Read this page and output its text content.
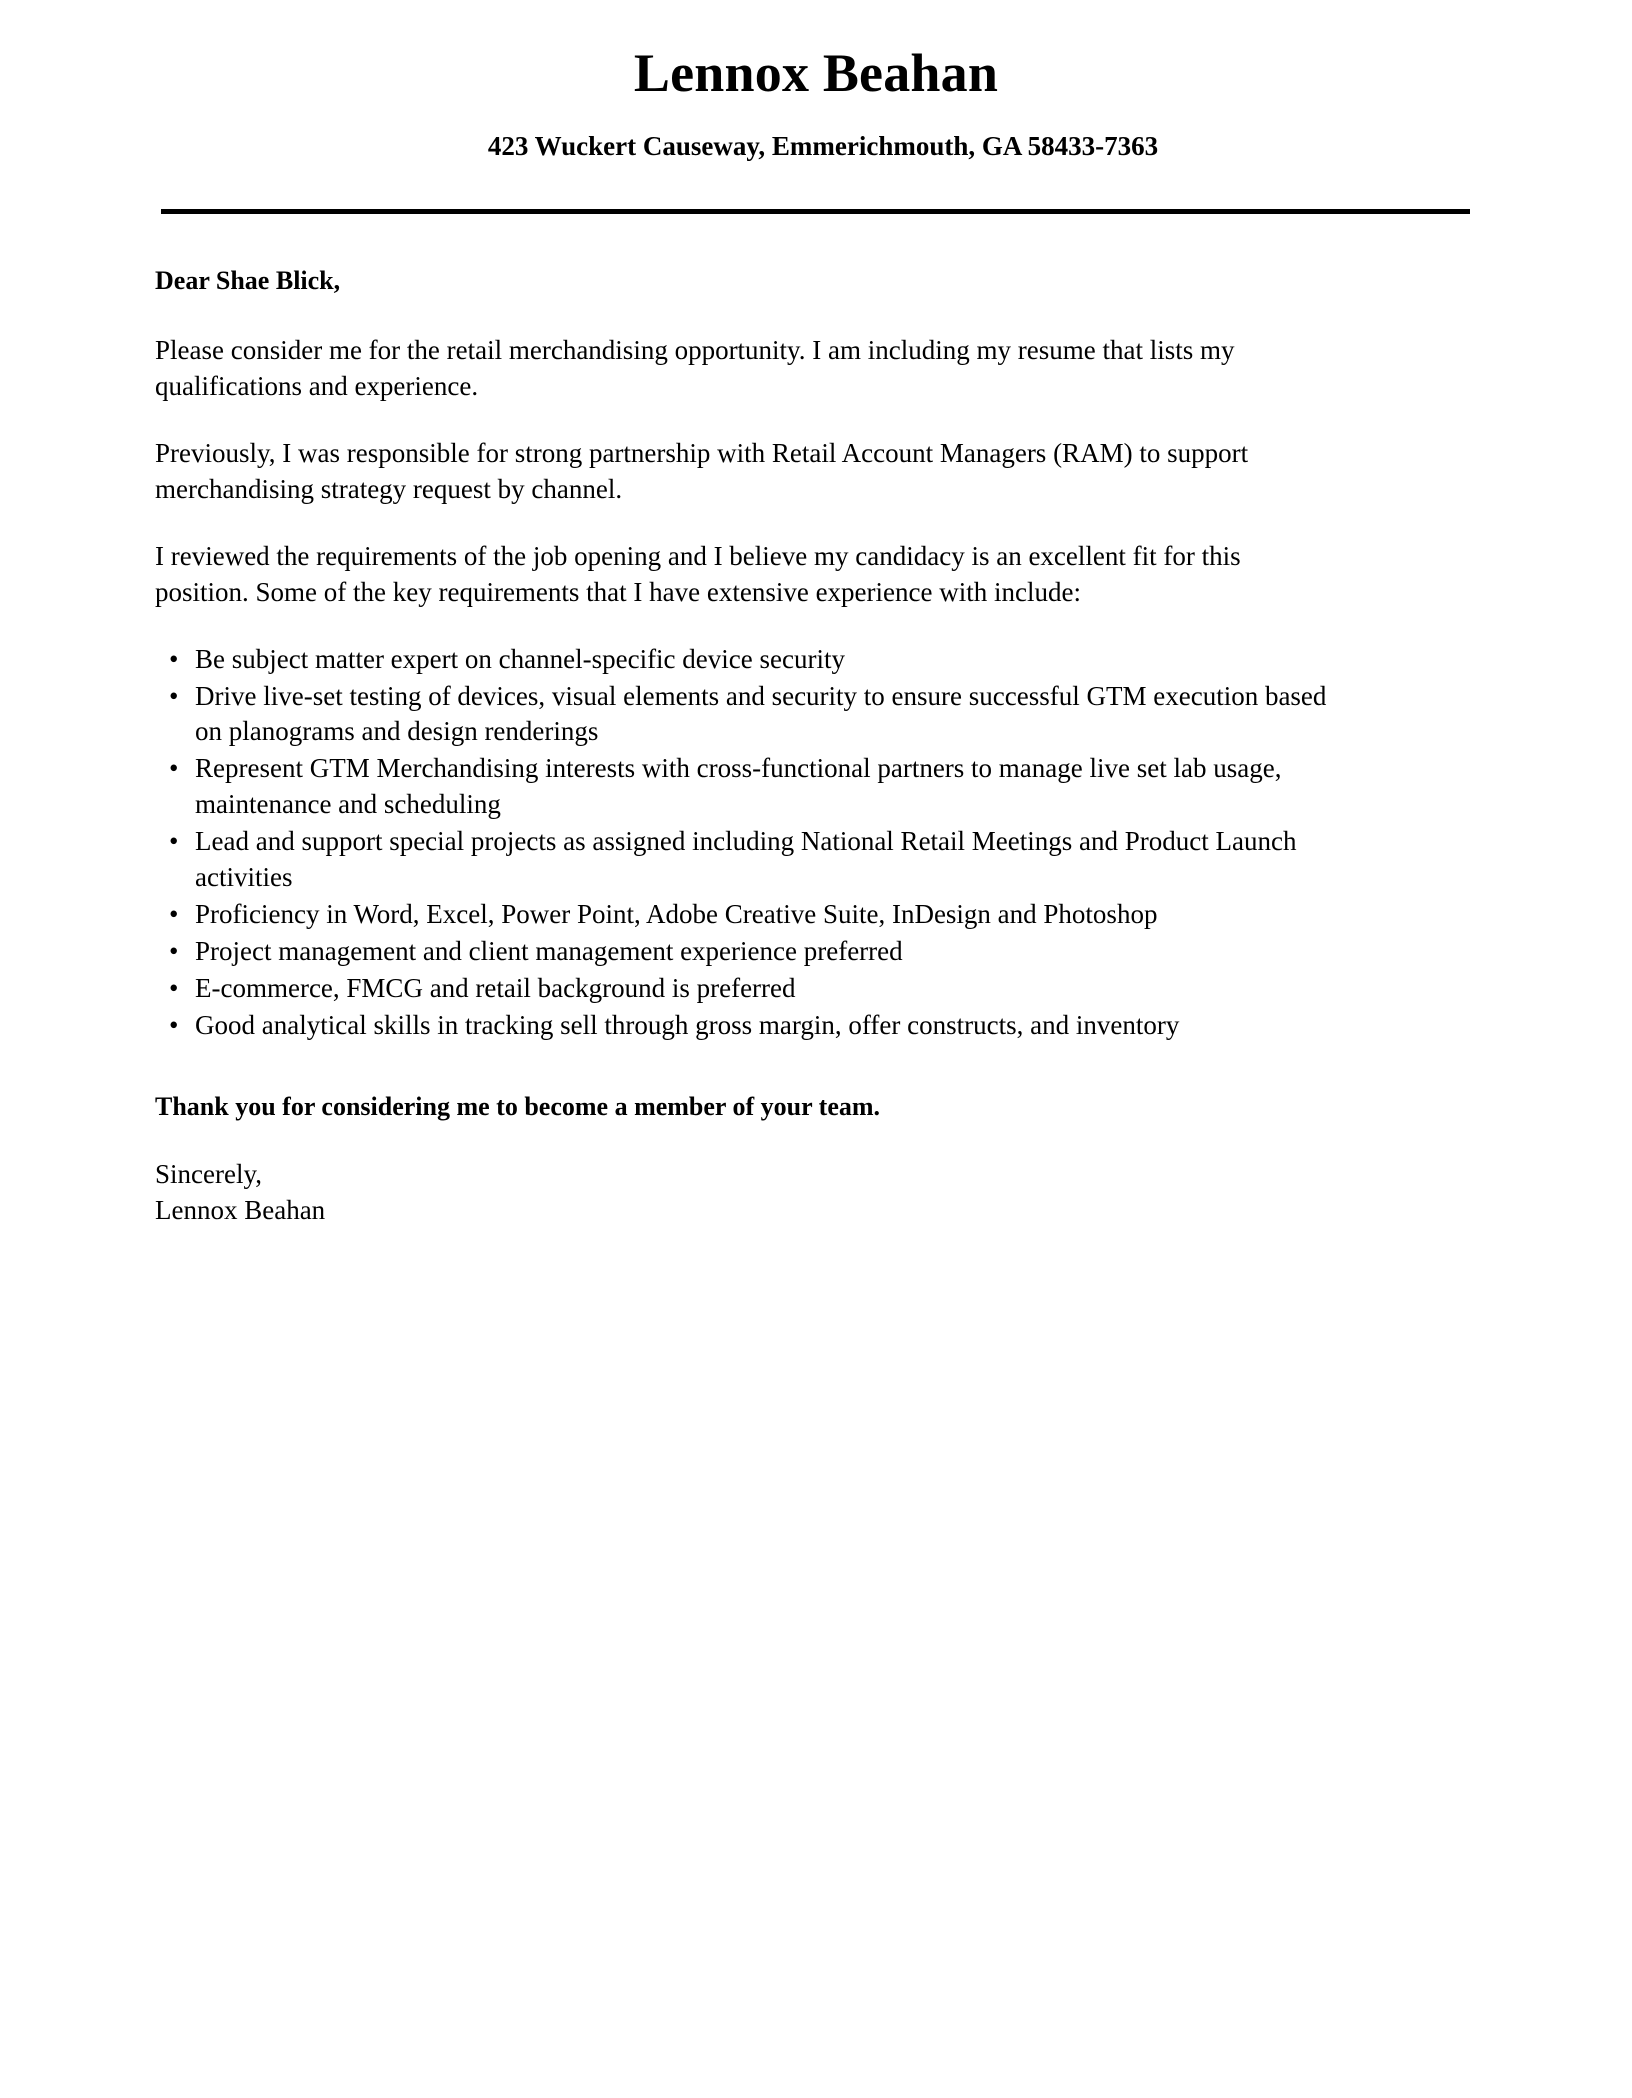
Lennox Beahan
423 Wuckert Causeway, Emmerichmouth, GA 58433-7363
Dear Shae Blick,

Please consider me for the retail merchandising opportunity. I am including my resume that lists my qualifications and experience.

Previously, I was responsible for strong partnership with Retail Account Managers (RAM) to support merchandising strategy request by channel.

I reviewed the requirements of the job opening and I believe my candidacy is an excellent fit for this position. Some of the key requirements that I have extensive experience with include:

• Be subject matter expert on channel-specific device security
• Drive live-set testing of devices, visual elements and security to ensure successful GTM execution based on planograms and design renderings
• Represent GTM Merchandising interests with cross-functional partners to manage live set lab usage, maintenance and scheduling
• Lead and support special projects as assigned including National Retail Meetings and Product Launch activities
• Proficiency in Word, Excel, Power Point, Adobe Creative Suite, InDesign and Photoshop
• Project management and client management experience preferred
• E-commerce, FMCG and retail background is preferred
• Good analytical skills in tracking sell through gross margin, offer constructs, and inventory
Thank you for considering me to become a member of your team.
Sincerely,
Lennox Beahan
